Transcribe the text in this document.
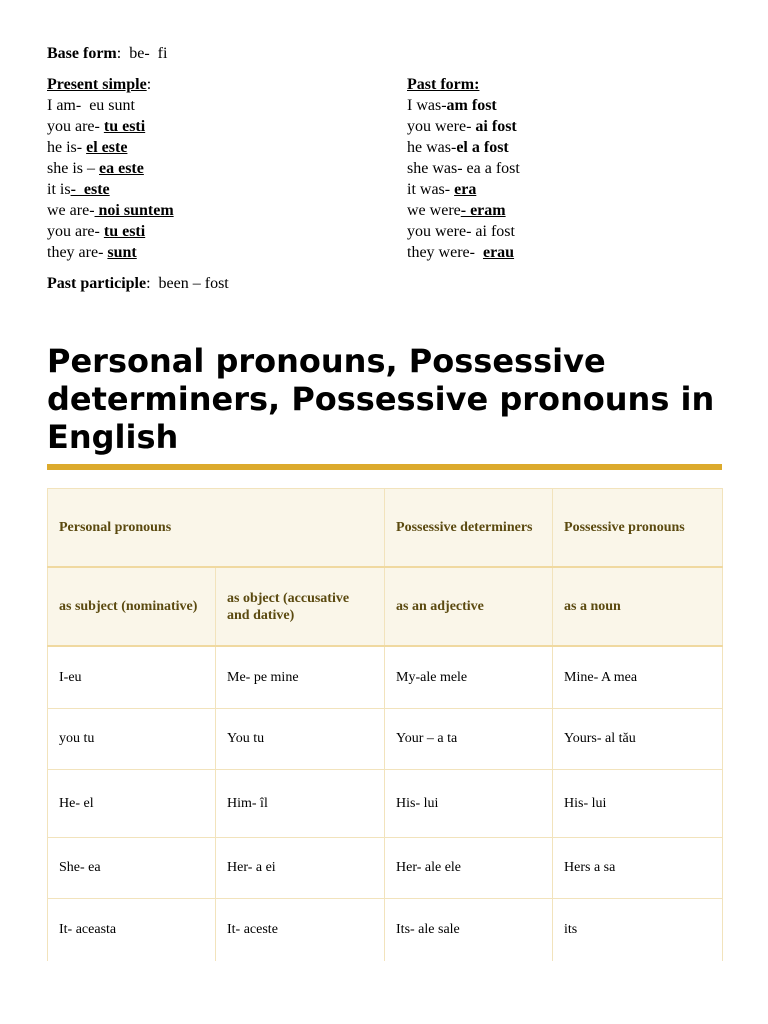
Base form:  be-  fi
Present simple:
I am-  eu sunt
you are- tu esti
he is- el este
she is – ea este
it is-  este
we are- noi suntem
you are- tu esti
they are- sunt
Past form:
I was-am fost
you were- ai fost
he was-el a fost
she was- ea a fost
it was- era
we were- eram
you were- ai fost
they were-  erau
Past participle:  been – fost
Personal pronouns, Possessive determiners, Possessive pronouns in English
Personal pronouns		Possessive determiners	Possessive pronouns
as subject (nominative)	as object (accusative and dative)	as an adjective	as a noun
I-eu	Me- pe mine	My-ale mele	Mine- A mea
you tu	You tu	Your – a ta	Yours- al tău
He- el	Him- îl	His- lui	His- lui
She- ea	Her- a ei	Her- ale ele	Hers a sa
It- aceasta	It- aceste	Its- ale sale	its
